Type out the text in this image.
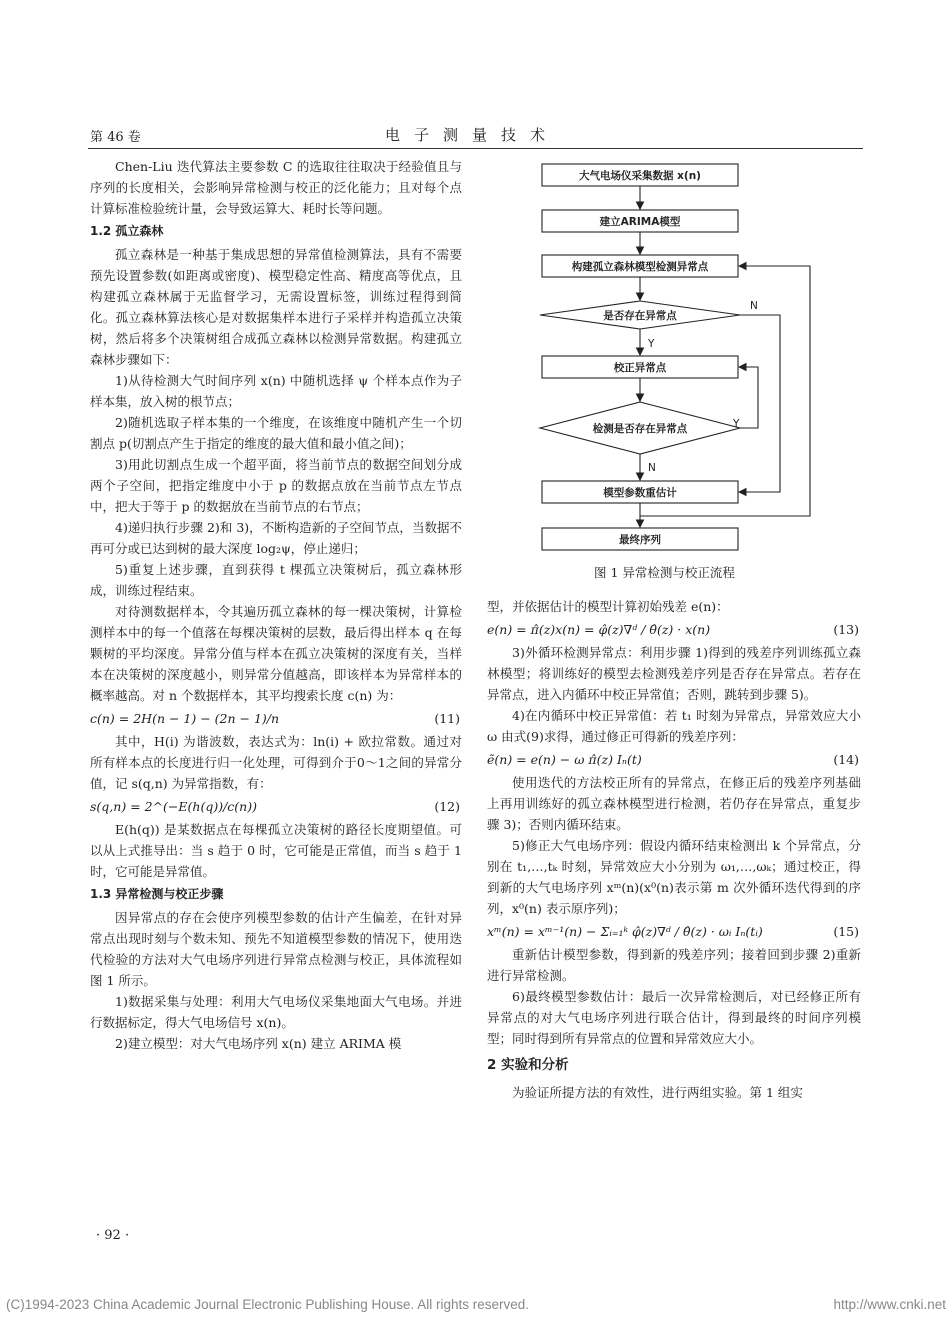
第 46 卷	电子测量技术

Chen-Liu 迭代算法主要参数 C 的选取往往取决于经验值且与序列的长度相关，会影响异常检测与校正的泛化能力；且对每个点计算标准检验统计量，会导致运算大、耗时长等问题。

1.2 孤立森林

孤立森林是一种基于集成思想的异常值检测算法，具有不需要预先设置参数(如距离或密度)、模型稳定性高、精度高等优点，且构建孤立森林属于无监督学习，无需设置标签，训练过程得到简化。孤立森林算法核心是对数据集样本进行子采样并构造孤立决策树，然后将多个决策树组合成孤立森林以检测异常数据。构建孤立森林步骤如下：

1)从待检测大气时间序列 x(n) 中随机选择 ψ 个样本点作为子样本集，放入树的根节点；

2)随机选取子样本集的一个维度，在该维度中随机产生一个切割点 p(切割点产生于指定的维度的最大值和最小值之间)；

3)用此切割点生成一个超平面，将当前节点的数据空间划分成两个子空间，把指定维度中小于 p 的数据点放在当前节点左节点中，把大于等于 p 的数据放在当前节点的右节点；

4)递归执行步骤 2)和 3)，不断构造新的子空间节点，当数据不再可分或已达到树的最大深度 log₂ψ，停止递归；

5)重复上述步骤，直到获得 t 棵孤立决策树后，孤立森林形成，训练过程结束。

对待测数据样本，令其遍历孤立森林的每一棵决策树，计算检测样本中的每一个值落在每棵决策树的层数，最后得出样本 q 在每颗树的平均深度。异常分值与样本在孤立决策树的深度有关，当样本在决策树的深度越小，则异常分值越高，即该样本为异常样本的概率越高。对 n 个数据样本，其平均搜索长度 c(n) 为：

c(n) = 2H(n − 1) − (2n − 1)/n	(11)

其中，H(i) 为谐波数，表达式为：ln(i) + 欧拉常数。通过对所有样本点的长度进行归一化处理，可得到介于0～1之间的异常分值，记 s(q,n) 为异常指数，有：

s(q,n) = 2^(−E(h(q))/c(n))	(12)

E(h(q)) 是某数据点在每棵孤立决策树的路径长度期望值。可以从上式推导出：当 s 趋于 0 时，它可能是正常值，而当 s 趋于 1 时，它可能是异常值。

1.3 异常检测与校正步骤

因异常点的存在会使序列模型参数的估计产生偏差，在针对异常点出现时刻与个数未知、预先不知道模型参数的情况下，使用迭代检验的方法对大气电场序列进行异常点检测与校正，具体流程如图 1 所示。

1)数据采集与处理：利用大气电场仪采集地面大气电场。并进行数据标定，得大气电场信号 x(n)。

2)建立模型：对大气电场序列 x(n) 建立 ARIMA 模

大气电场仪采集数据 x(n)
建立ARIMA模型
构建孤立森林模型检测异常点
是否存在异常点
校正异常点
检测是否存在异常点
模型参数重估计
最终序列
N
Y
Y
N
图 1 异常检测与校正流程

型，并依据估计的模型计算初始残差 e(n)：

e(n) = π̂(z)x(n) = φ̂(z)∇ᵈ / θ̂(z) · x(n)	(13)

3)外循环检测异常点：利用步骤 1)得到的残差序列训练孤立森林模型；将训练好的模型去检测残差序列是否存在异常点。若存在异常点，进入内循环中校正异常值；否则，跳转到步骤 5)。

4)在内循环中校正异常值：若 t₁ 时刻为异常点，异常效应大小 ω 由式(9)求得，通过修正可得新的残差序列：

ẽ(n) = e(n) − ω π̂(z) Iₙ(t)	(14)

使用迭代的方法校正所有的异常点，在修正后的残差序列基础上再用训练好的孤立森林模型进行检测，若仍存在异常点，重复步骤 3)；否则内循环结束。

5)修正大气电场序列：假设内循环结束检测出 k 个异常点，分别在 t₁,…,tₖ 时刻，异常效应大小分别为 ω₁,…,ωₖ；通过校正，得到新的大气电场序列 xᵐ(n)(x⁰(n)表示第 m 次外循环迭代得到的序列，x⁰(n) 表示原序列)；

xᵐ(n) = xᵐ⁻¹(n) − Σᵢ₌₁ᵏ φ̂(z)∇ᵈ / θ̂(z) · ωᵢ Iₙ(tᵢ)	(15)

重新估计模型参数，得到新的残差序列；接着回到步骤 2)重新进行异常检测。

6)最终模型参数估计：最后一次异常检测后，对已经修正所有异常点的对大气电场序列进行联合估计，得到最终的时间序列模型；同时得到所有异常点的位置和异常效应大小。

2 实验和分析

为验证所提方法的有效性，进行两组实验。第 1 组实

· 92 ·
(C)1994-2023 China Academic Journal Electronic Publishing House. All rights reserved.	http://www.cnki.net
